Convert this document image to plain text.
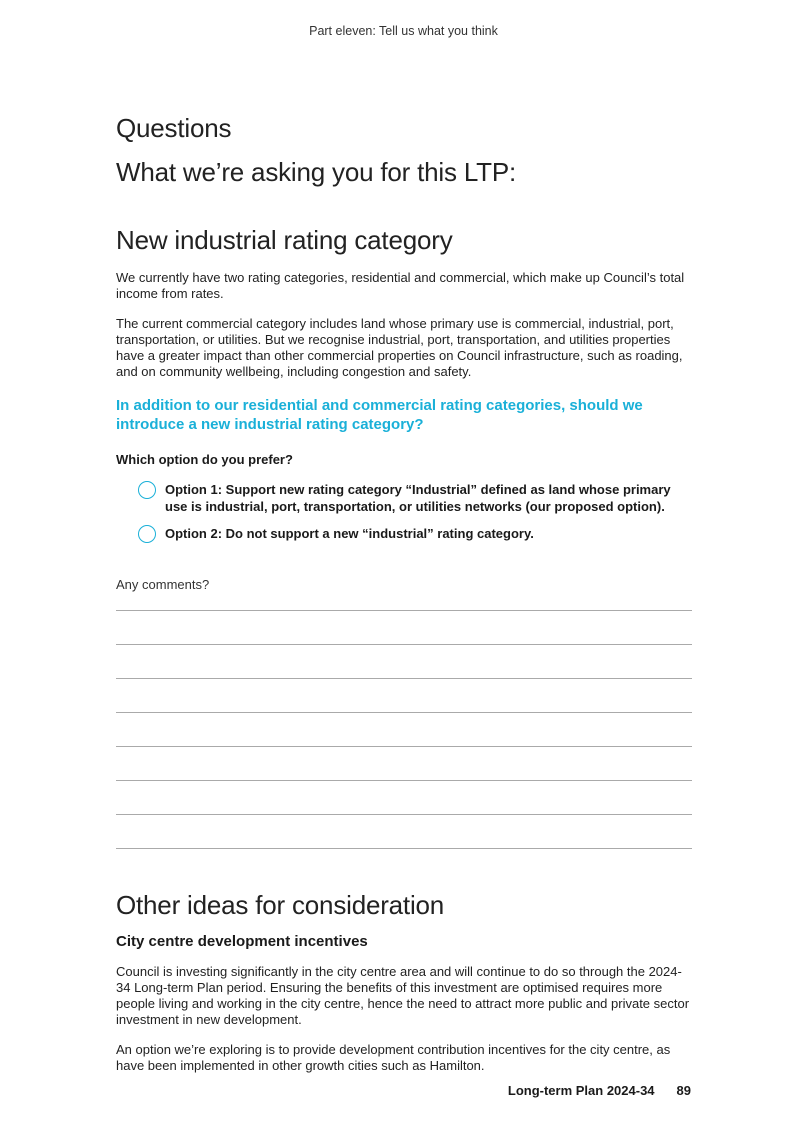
Part eleven: Tell us what you think
Questions
What we’re asking you for this LTP:
New industrial rating category

We currently have two rating categories, residential and commercial, which make up Council’s total income from rates.

The current commercial category includes land whose primary use is commercial, industrial, port, transportation, or utilities. But we recognise industrial, port, transportation, and utilities properties have a greater impact than other commercial properties on Council infrastructure, such as roading, and on community wellbeing, including congestion and safety.

In addition to our residential and commercial rating categories, should we introduce a new industrial rating category?
Which option do you prefer?
Option 1: Support new rating category “Industrial” defined as land whose primary use is industrial, port, transportation, or utilities networks (our proposed option).
Option 2: Do not support a new “industrial” rating category.
Any comments?
Other ideas for consideration
City centre development incentives

Council is investing significantly in the city centre area and will continue to do so through the 2024-34 Long-term Plan period. Ensuring the benefits of this investment are optimised requires more people living and working in the city centre, hence the need to attract more public and private sector investment in new development.

An option we’re exploring is to provide development contribution incentives for the city centre, as have been implemented in other growth cities such as Hamilton.

Long-term Plan 2024-34 89
